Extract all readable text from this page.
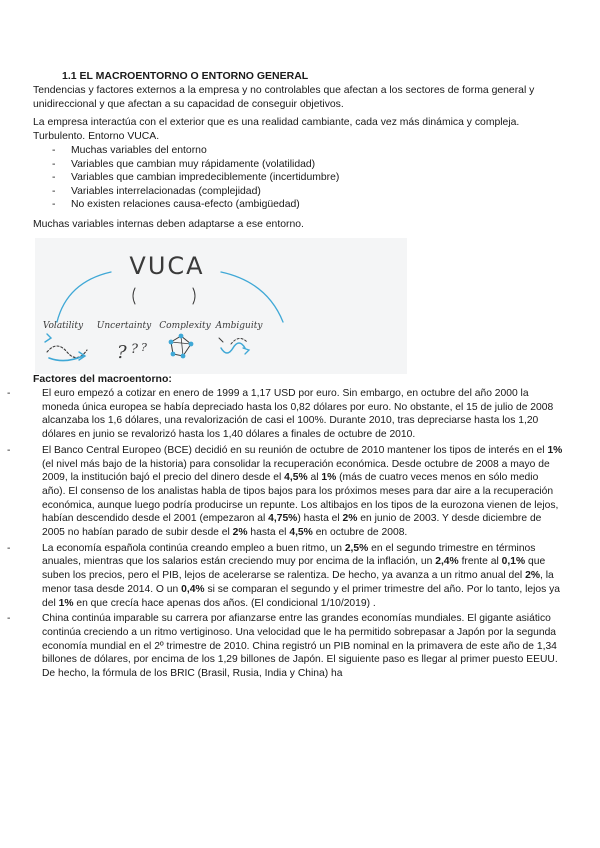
1.1 EL MACROENTORNO O ENTORNO GENERAL

Tendencias y factores externos a la empresa y no controlables que afectan a los sectores de forma general y unidireccional y que afectan a su capacidad de conseguir objetivos.

La empresa interactúa con el exterior que es una realidad cambiante, cada vez más dinámica y compleja.

Turbulento. Entorno VUCA.

- Muchas variables del entorno
- Variables que cambian muy rápidamente (volatilidad)
- Variables que cambian impredeciblemente (incertidumbre)
- Variables interrelacionadas (complejidad)
- No existen relaciones causa-efecto (ambigüedad)

Muchas variables internas deben adaptarse a ese entorno.

VUCA
Volatility Uncertainty Complexity Ambiguity
? ? ?
Factores del macroentorno:
- El euro empezó a cotizar en enero de 1999 a 1,17 USD por euro. Sin embargo, en octubre del año 2000 la moneda única europea se había depreciado hasta los 0,82 dólares por euro. No obstante, el 15 de julio de 2008 alcanzaba los 1,6 dólares, una revalorización de casi el 100%. Durante 2010, tras depreciarse hasta los 1,20 dólares en junio se revalorizó hasta los 1,40 dólares a finales de octubre de 2010.
- El Banco Central Europeo (BCE) decidió en su reunión de octubre de 2010 mantener los tipos de interés en el 1% (el nivel más bajo de la historia) para consolidar la recuperación económica. Desde octubre de 2008 a mayo de 2009, la institución bajó el precio del dinero desde el 4,5% al 1% (más de cuatro veces menos en sólo medio año). El consenso de los analistas habla de tipos bajos para los próximos meses para dar aire a la recuperación económica, aunque luego podría producirse un repunte. Los altibajos en los tipos de la eurozona vienen de lejos, habían descendido desde el 2001 (empezaron al 4,75%) hasta el 2% en junio de 2003. Y desde diciembre de 2005 no habían parado de subir desde el 2% hasta el 4,5% en octubre de 2008.
- La economía española continúa creando empleo a buen ritmo, un 2,5% en el segundo trimestre en términos anuales, mientras que los salarios están creciendo muy por encima de la inflación, un 2,4% frente al 0,1% que suben los precios, pero el PIB, lejos de acelerarse se ralentiza. De hecho, ya avanza a un ritmo anual del 2%, la menor tasa desde 2014. O un 0,4% si se comparan el segundo y el primer trimestre del año. Por lo tanto, lejos ya del 1% en que crecía hace apenas dos años. (El condicional 1/10/2019) .
- China continúa imparable su carrera por afianzarse entre las grandes economías mundiales. El gigante asiático continúa creciendo a un ritmo vertiginoso. Una velocidad que le ha permitido sobrepasar a Japón por la segunda economía mundial en el 2º trimestre de 2010. China registró un PIB nominal en la primavera de este año de 1,34 billones de dólares, por encima de los 1,29 billones de Japón. El siguiente paso es llegar al primer puesto EEUU. De hecho, la fórmula de los BRIC (Brasil, Rusia, India y China) ha
